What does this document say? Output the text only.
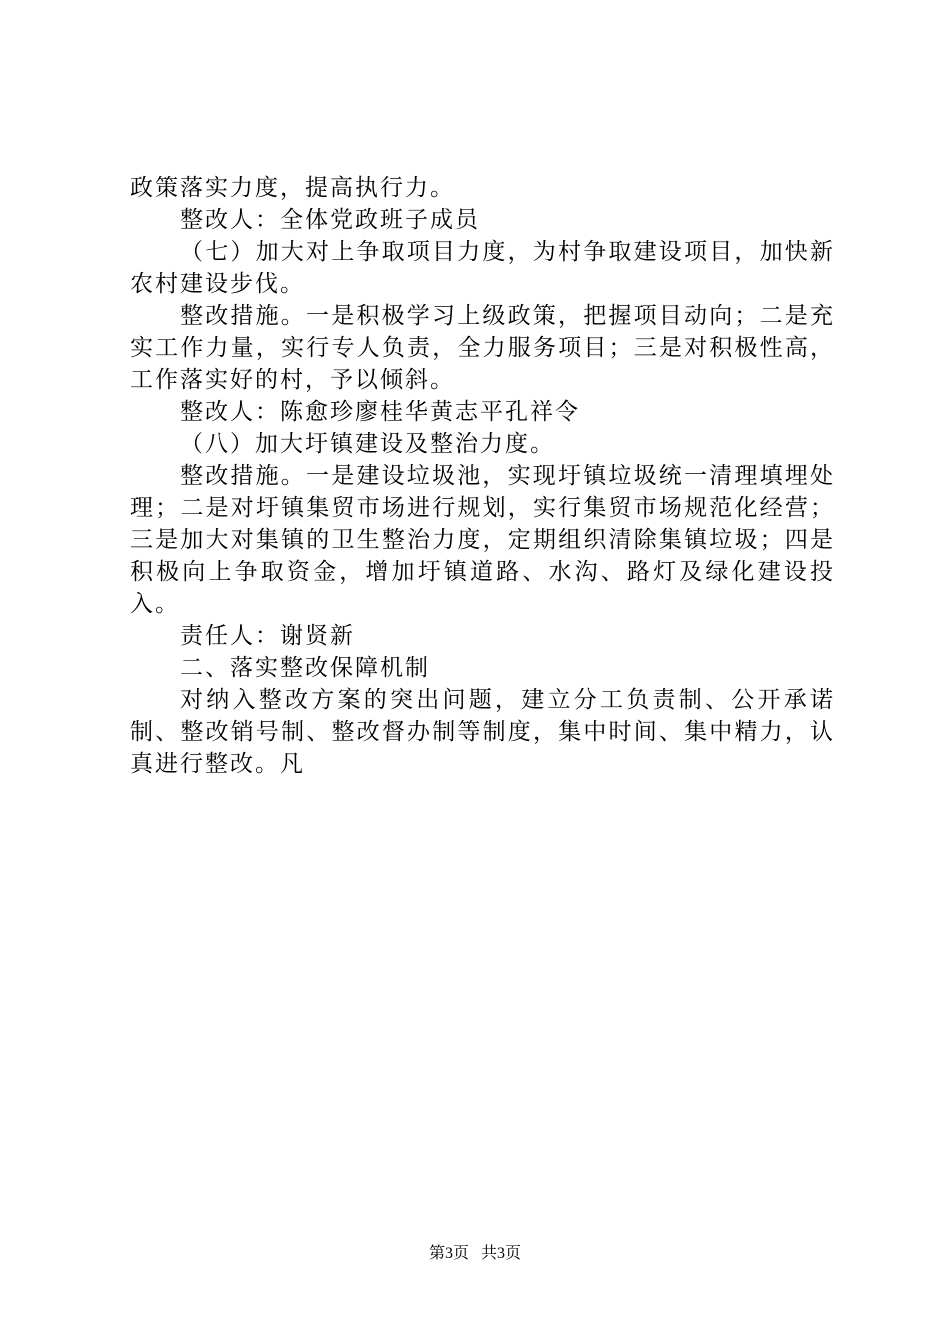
政策落实力度，提高执行力。

整改人：全体党政班子成员

（七）加大对上争取项目力度，为村争取建设项目，加快新农村建设步伐。

整改措施。一是积极学习上级政策，把握项目动向；二是充实工作力量，实行专人负责，全力服务项目；三是对积极性高，工作落实好的村，予以倾斜。

整改人：陈愈珍廖桂华黄志平孔祥令

（八）加大圩镇建设及整治力度。

整改措施。一是建设垃圾池，实现圩镇垃圾统一清理填埋处理；二是对圩镇集贸市场进行规划，实行集贸市场规范化经营；三是加大对集镇的卫生整治力度，定期组织清除集镇垃圾；四是积极向上争取资金，增加圩镇道路、水沟、路灯及绿化建设投入。

责任人：谢贤新

二、落实整改保障机制

对纳入整改方案的突出问题，建立分工负责制、公开承诺制、整改销号制、整改督办制等制度，集中时间、集中精力，认真进行整改。凡

第3页 共3页
